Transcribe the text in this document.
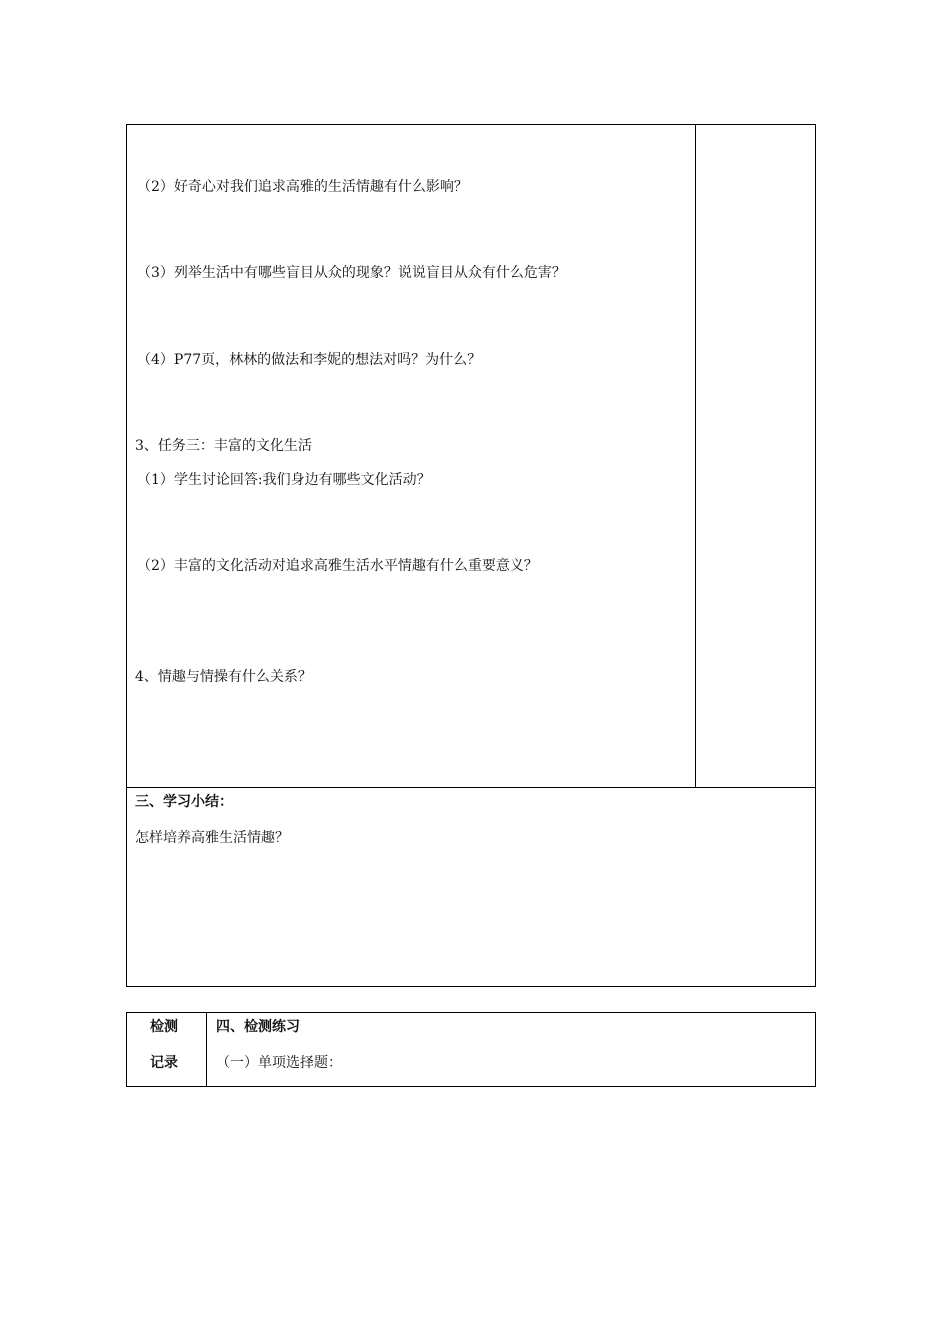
（2）好奇心对我们追求高雅的生活情趣有什么影响？
（3）列举生活中有哪些盲目从众的现象？说说盲目从众有什么危害？
（4）P77页，林林的做法和李妮的想法对吗？为什么？
3、任务三：丰富的文化生活
（1）学生讨论回答:我们身边有哪些文化活动？
（2）丰富的文化活动对追求高雅生活水平情趣有什么重要意义？
4、情趣与情操有什么关系？
三、学习小结：
怎样培养高雅生活情趣？
检测
记录
四、检测练习
（一）单项选择题：
